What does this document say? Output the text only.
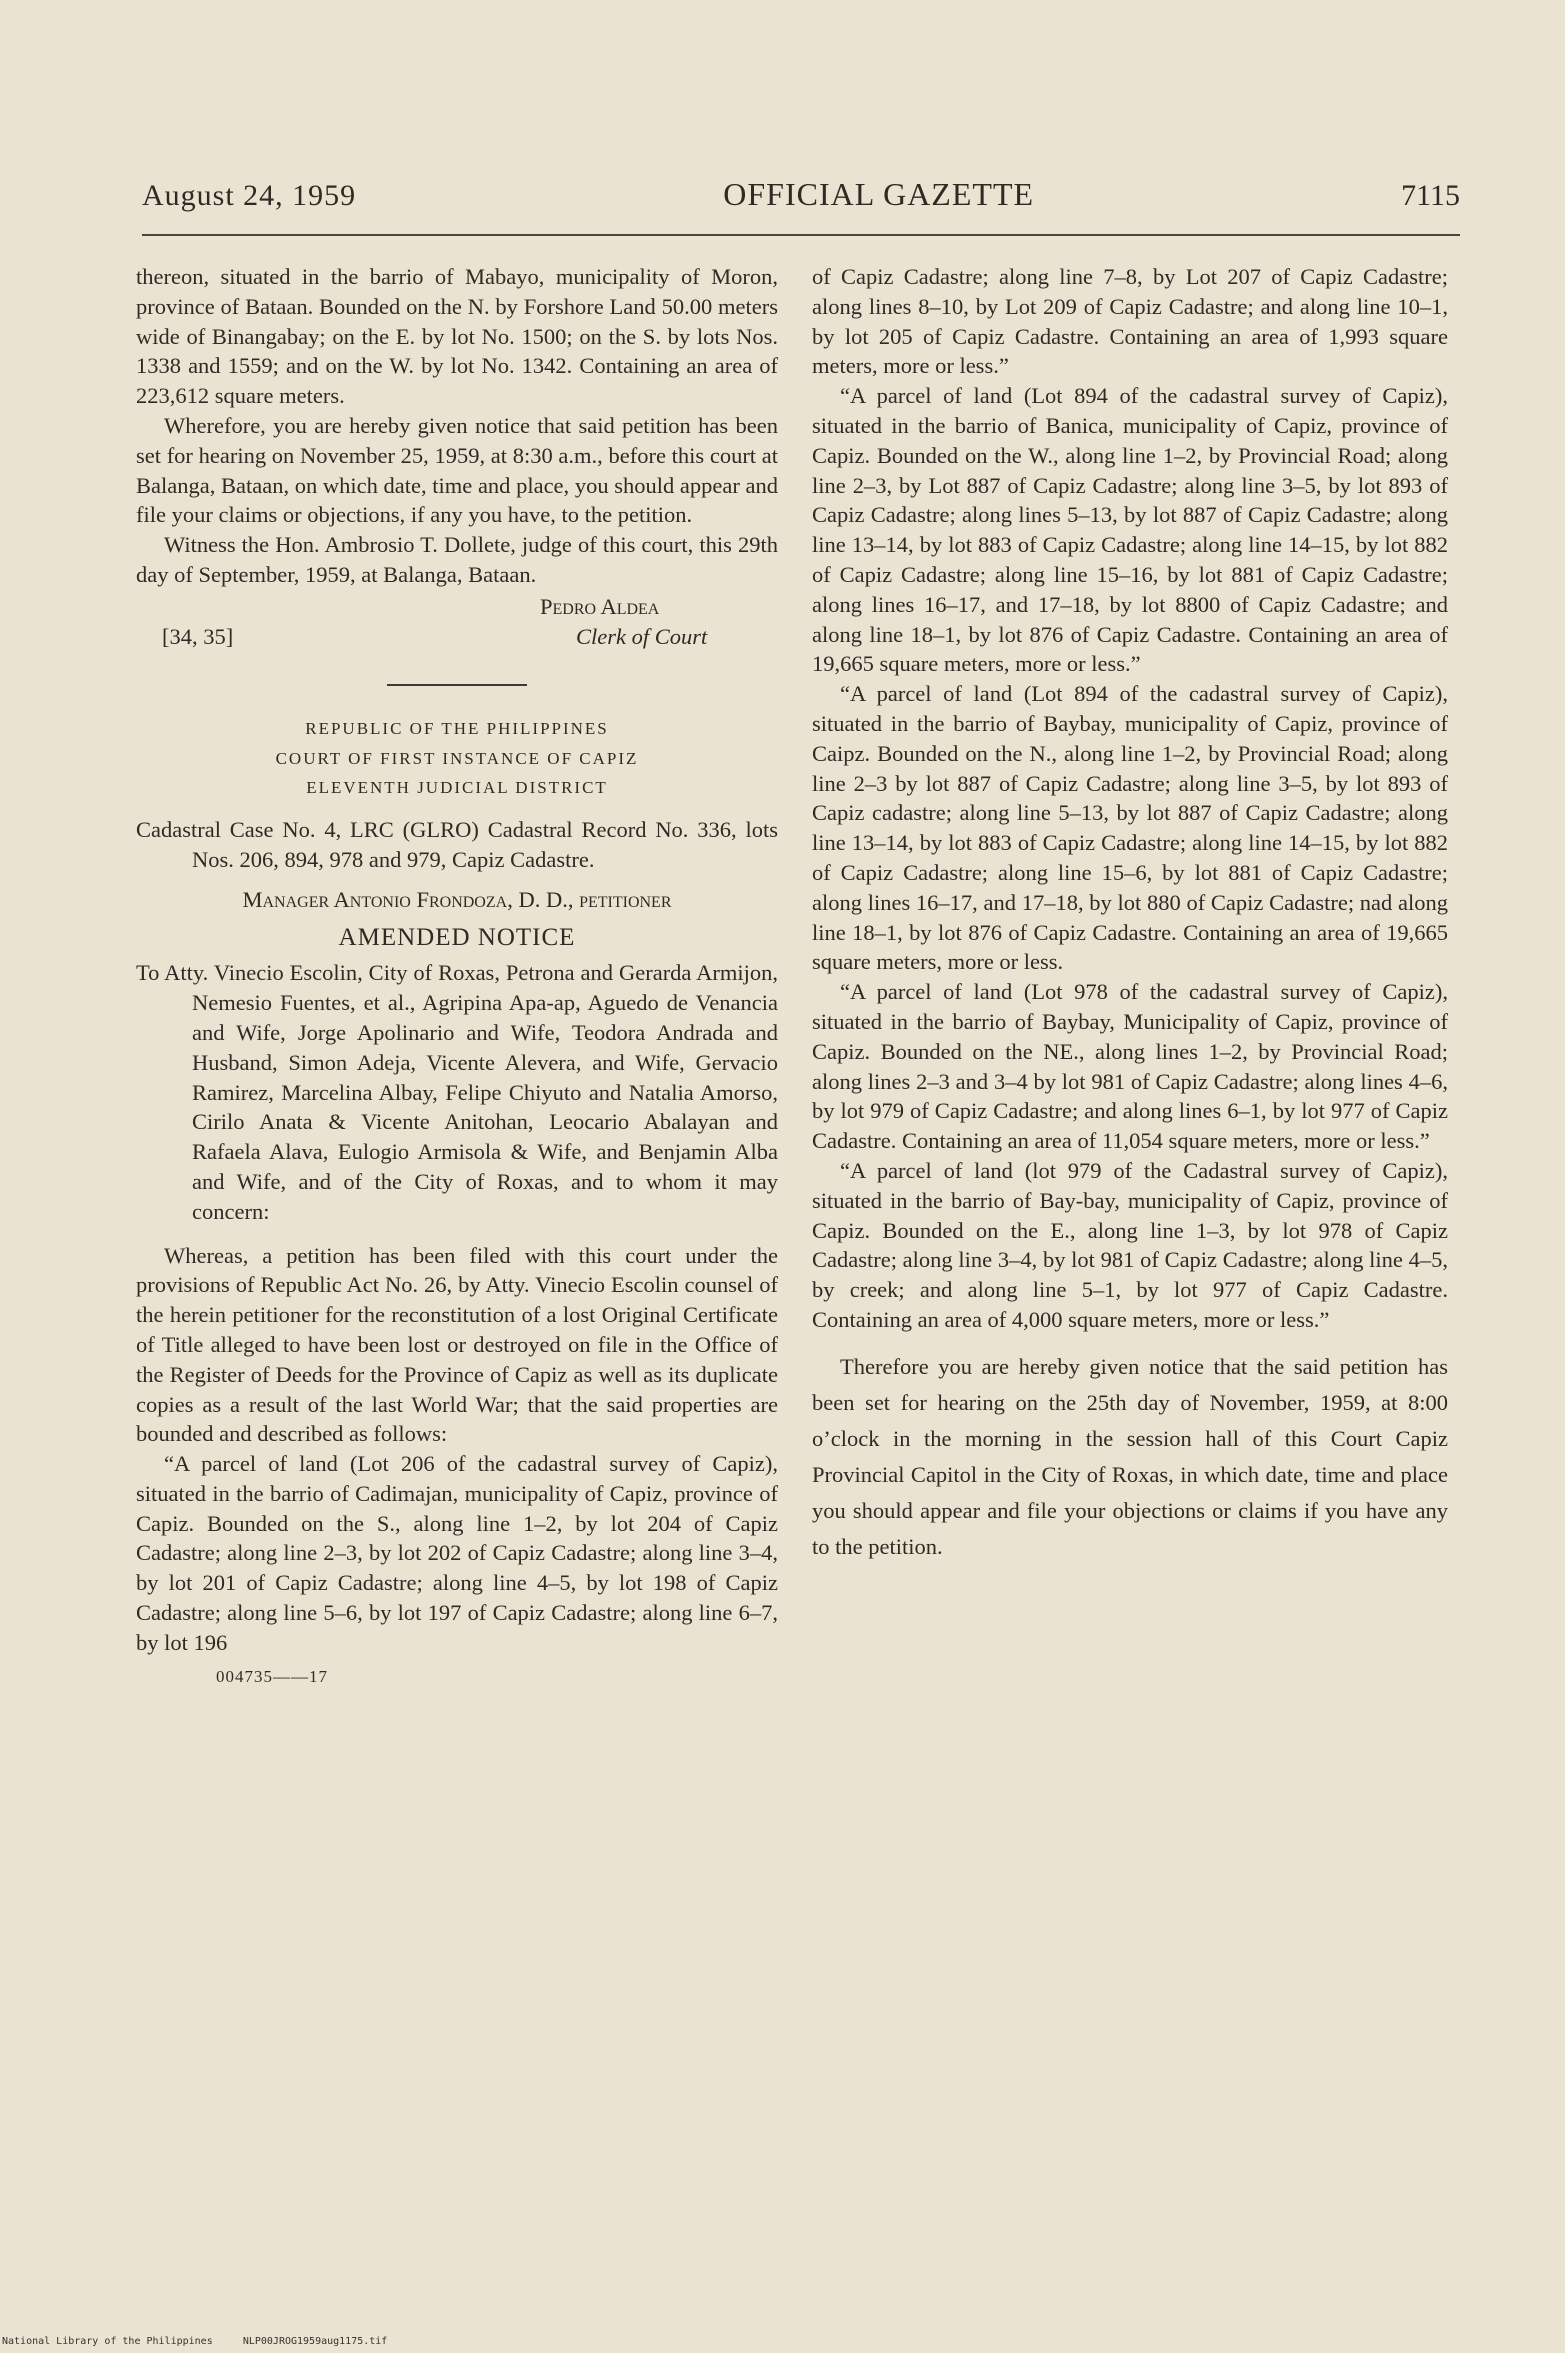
August 24, 1959	OFFICIAL GAZETTE	7115

thereon, situated in the barrio of Mabayo, municipality of Moron, province of Bataan. Bounded on the N. by Forshore Land 50.00 meters wide of Binangabay; on the E. by lot No. 1500; on the S. by lots Nos. 1338 and 1559; and on the W. by lot No. 1342. Containing an area of 223,612 square meters.

Wherefore, you are hereby given notice that said petition has been set for hearing on November 25, 1959, at 8:30 a.m., before this court at Balanga, Bataan, on which date, time and place, you should appear and file your claims or objections, if any you have, to the petition.

Witness the Hon. Ambrosio T. Dollete, judge of this court, this 29th day of September, 1959, at Balanga, Bataan.

Pedro Aldea
Clerk of Court
[34, 35]
REPUBLIC OF THE PHILIPPINES
COURT OF FIRST INSTANCE OF CAPIZ
ELEVENTH JUDICIAL DISTRICT

Cadastral Case No. 4, LRC (GLRO) Cadastral Record No. 336, lots Nos. 206, 894, 978 and 979, Capiz Cadastre.

Manager Antonio Frondoza, D. D., petitioner

AMENDED NOTICE

To Atty. Vinecio Escolin, City of Roxas, Petrona and Gerarda Armijon, Nemesio Fuentes, et al., Agripina Apa-ap, Aguedo de Venancia and Wife, Jorge Apolinario and Wife, Teodora Andrada and Husband, Simon Adeja, Vicente Alevera, and Wife, Gervacio Ramirez, Marcelina Albay, Felipe Chiyuto and Natalia Amorso, Cirilo Anata & Vicente Anitohan, Leocario Abalayan and Rafaela Alava, Eulogio Armisola & Wife, and Benjamin Alba and Wife, and of the City of Roxas, and to whom it may concern:

Whereas, a petition has been filed with this court under the provisions of Republic Act No. 26, by Atty. Vinecio Escolin counsel of the herein petitioner for the reconstitution of a lost Original Certificate of Title alleged to have been lost or destroyed on file in the Office of the Register of Deeds for the Province of Capiz as well as its duplicate copies as a result of the last World War; that the said properties are bounded and described as follows:

“A parcel of land (Lot 206 of the cadastral survey of Capiz), situated in the barrio of Cadimajan, municipality of Capiz, province of Capiz. Bounded on the S., along line 1–2, by lot 204 of Capiz Cadastre; along line 2–3, by lot 202 of Capiz Cadastre; along line 3–4, by lot 201 of Capiz Cadastre; along line 4–5, by lot 198 of Capiz Cadastre; along line 5–6, by lot 197 of Capiz Cadastre; along line 6–7, by lot 196

004735——17

of Capiz Cadastre; along line 7–8, by Lot 207 of Capiz Cadastre; along lines 8–10, by Lot 209 of Capiz Cadastre; and along line 10–1, by lot 205 of Capiz Cadastre. Containing an area of 1,993 square meters, more or less.”

“A parcel of land (Lot 894 of the cadastral survey of Capiz), situated in the barrio of Banica, municipality of Capiz, province of Capiz. Bounded on the W., along line 1–2, by Provincial Road; along line 2–3, by Lot 887 of Capiz Cadastre; along line 3–5, by lot 893 of Capiz Cadastre; along lines 5–13, by lot 887 of Capiz Cadastre; along line 13–14, by lot 883 of Capiz Cadastre; along line 14–15, by lot 882 of Capiz Cadastre; along line 15–16, by lot 881 of Capiz Cadastre; along lines 16–17, and 17–18, by lot 8800 of Capiz Cadastre; and along line 18–1, by lot 876 of Capiz Cadastre. Containing an area of 19,665 square meters, more or less.”

“A parcel of land (Lot 894 of the cadastral survey of Capiz), situated in the barrio of Baybay, municipality of Capiz, province of Caipz. Bounded on the N., along line 1–2, by Provincial Road; along line 2–3 by lot 887 of Capiz Cadastre; along line 3–5, by lot 893 of Capiz cadastre; along line 5–13, by lot 887 of Capiz Cadastre; along line 13–14, by lot 883 of Capiz Cadastre; along line 14–15, by lot 882 of Capiz Cadastre; along line 15–6, by lot 881 of Capiz Cadastre; along lines 16–17, and 17–18, by lot 880 of Capiz Cadastre; nad along line 18–1, by lot 876 of Capiz Cadastre. Containing an area of 19,665 square meters, more or less.

“A parcel of land (Lot 978 of the cadastral survey of Capiz), situated in the barrio of Baybay, Municipality of Capiz, province of Capiz. Bounded on the NE., along lines 1–2, by Provincial Road; along lines 2–3 and 3–4 by lot 981 of Capiz Cadastre; along lines 4–6, by lot 979 of Capiz Cadastre; and along lines 6–1, by lot 977 of Capiz Cadastre. Containing an area of 11,054 square meters, more or less.”

“A parcel of land (lot 979 of the Cadastral survey of Capiz), situated in the barrio of Bay-bay, municipality of Capiz, province of Capiz. Bounded on the E., along line 1–3, by lot 978 of Capiz Cadastre; along line 3–4, by lot 981 of Capiz Cadastre; along line 4–5, by creek; and along line 5–1, by lot 977 of Capiz Cadastre. Containing an area of 4,000 square meters, more or less.”

Therefore you are hereby given notice that the said petition has been set for hearing on the 25th day of November, 1959, at 8:00 o’clock in the morning in the session hall of this Court Capiz Provincial Capitol in the City of Roxas, in which date, time and place you should appear and file your objections or claims if you have any to the petition.

National Library of the Philippines     NLP00JROG1959aug1175.tif
